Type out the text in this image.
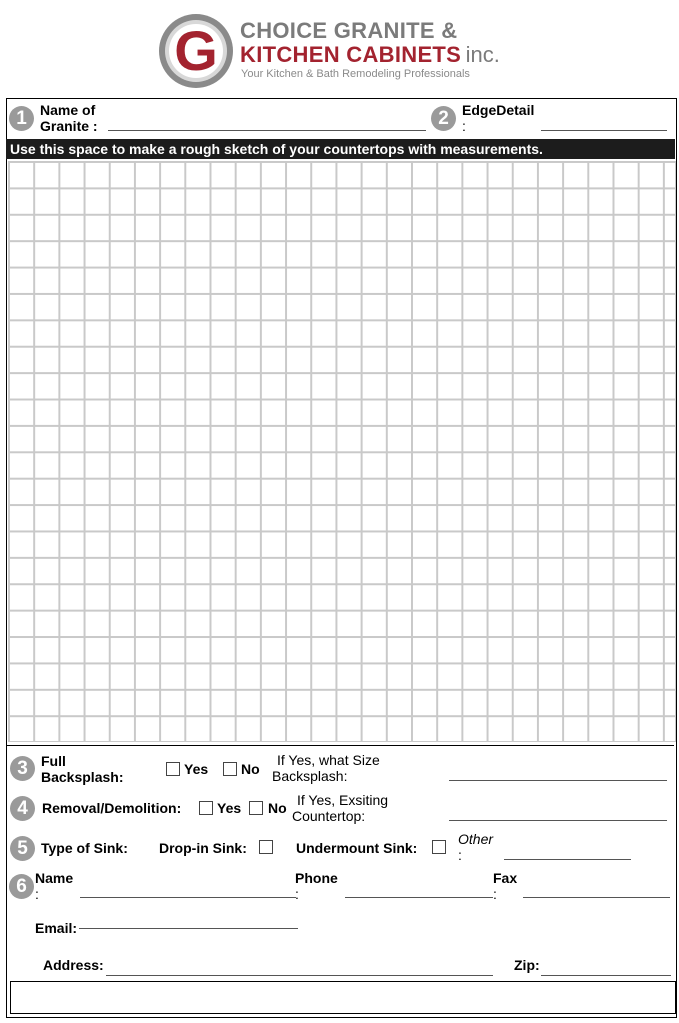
G CHOICE GRANITE &
KITCHEN CABINETS inc.
Your Kitchen & Bath Remodeling Professionals
1 Name of
Granite :	2 EdgeDetail
:
Use this space to make a rough sketch of your countertops with measurements.
3 Full
Backsplash:	Yes No
If Yes, what Size
Backsplash:
4	Removal/Demolition:	Yes No If Yes, Exsiting
Countertop:
5 Type of Sink: Drop-in Sink:	Undermount Sink:
Other
:
6 Name
:
Phone
:
Fax
:
Email:
Address:	Zip:
